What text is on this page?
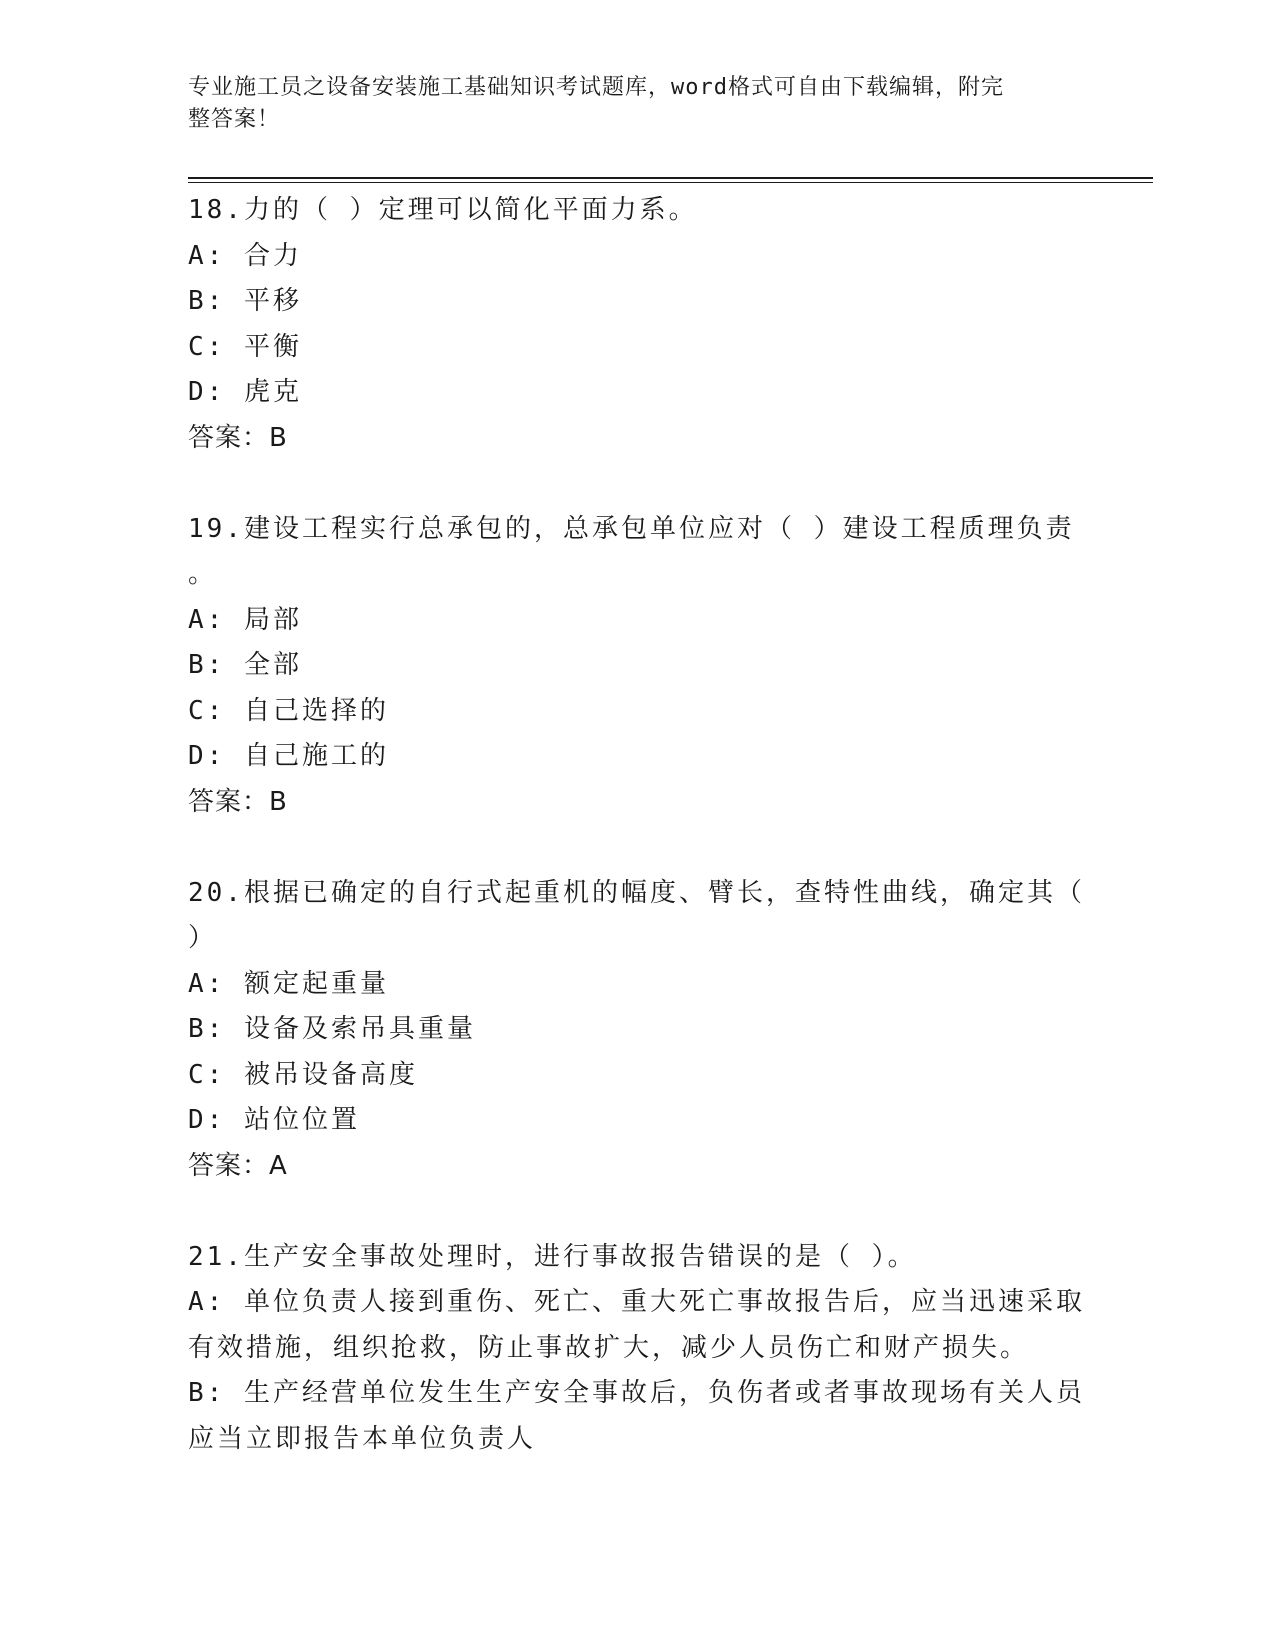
专业施工员之设备安装施工基础知识考试题库，word格式可自由下载编辑，附完
整答案！
18.力的（ ）定理可以简化平面力系。
A: 合力
B: 平移
C: 平衡
D: 虎克
答案：B
19.建设工程实行总承包的，总承包单位应对（ ）建设工程质理负责
。
A: 局部
B: 全部
C: 自己选择的
D: 自己施工的
答案：B
20.根据已确定的自行式起重机的幅度、臂长，查特性曲线，确定其（
）
A: 额定起重量
B: 设备及索吊具重量
C: 被吊设备高度
D: 站位位置
答案：A
21.生产安全事故处理时，进行事故报告错误的是（ ）。
A: 单位负责人接到重伤、死亡、重大死亡事故报告后，应当迅速采取
有效措施，组织抢救，防止事故扩大，减少人员伤亡和财产损失。
B: 生产经营单位发生生产安全事故后，负伤者或者事故现场有关人员
应当立即报告本单位负责人
